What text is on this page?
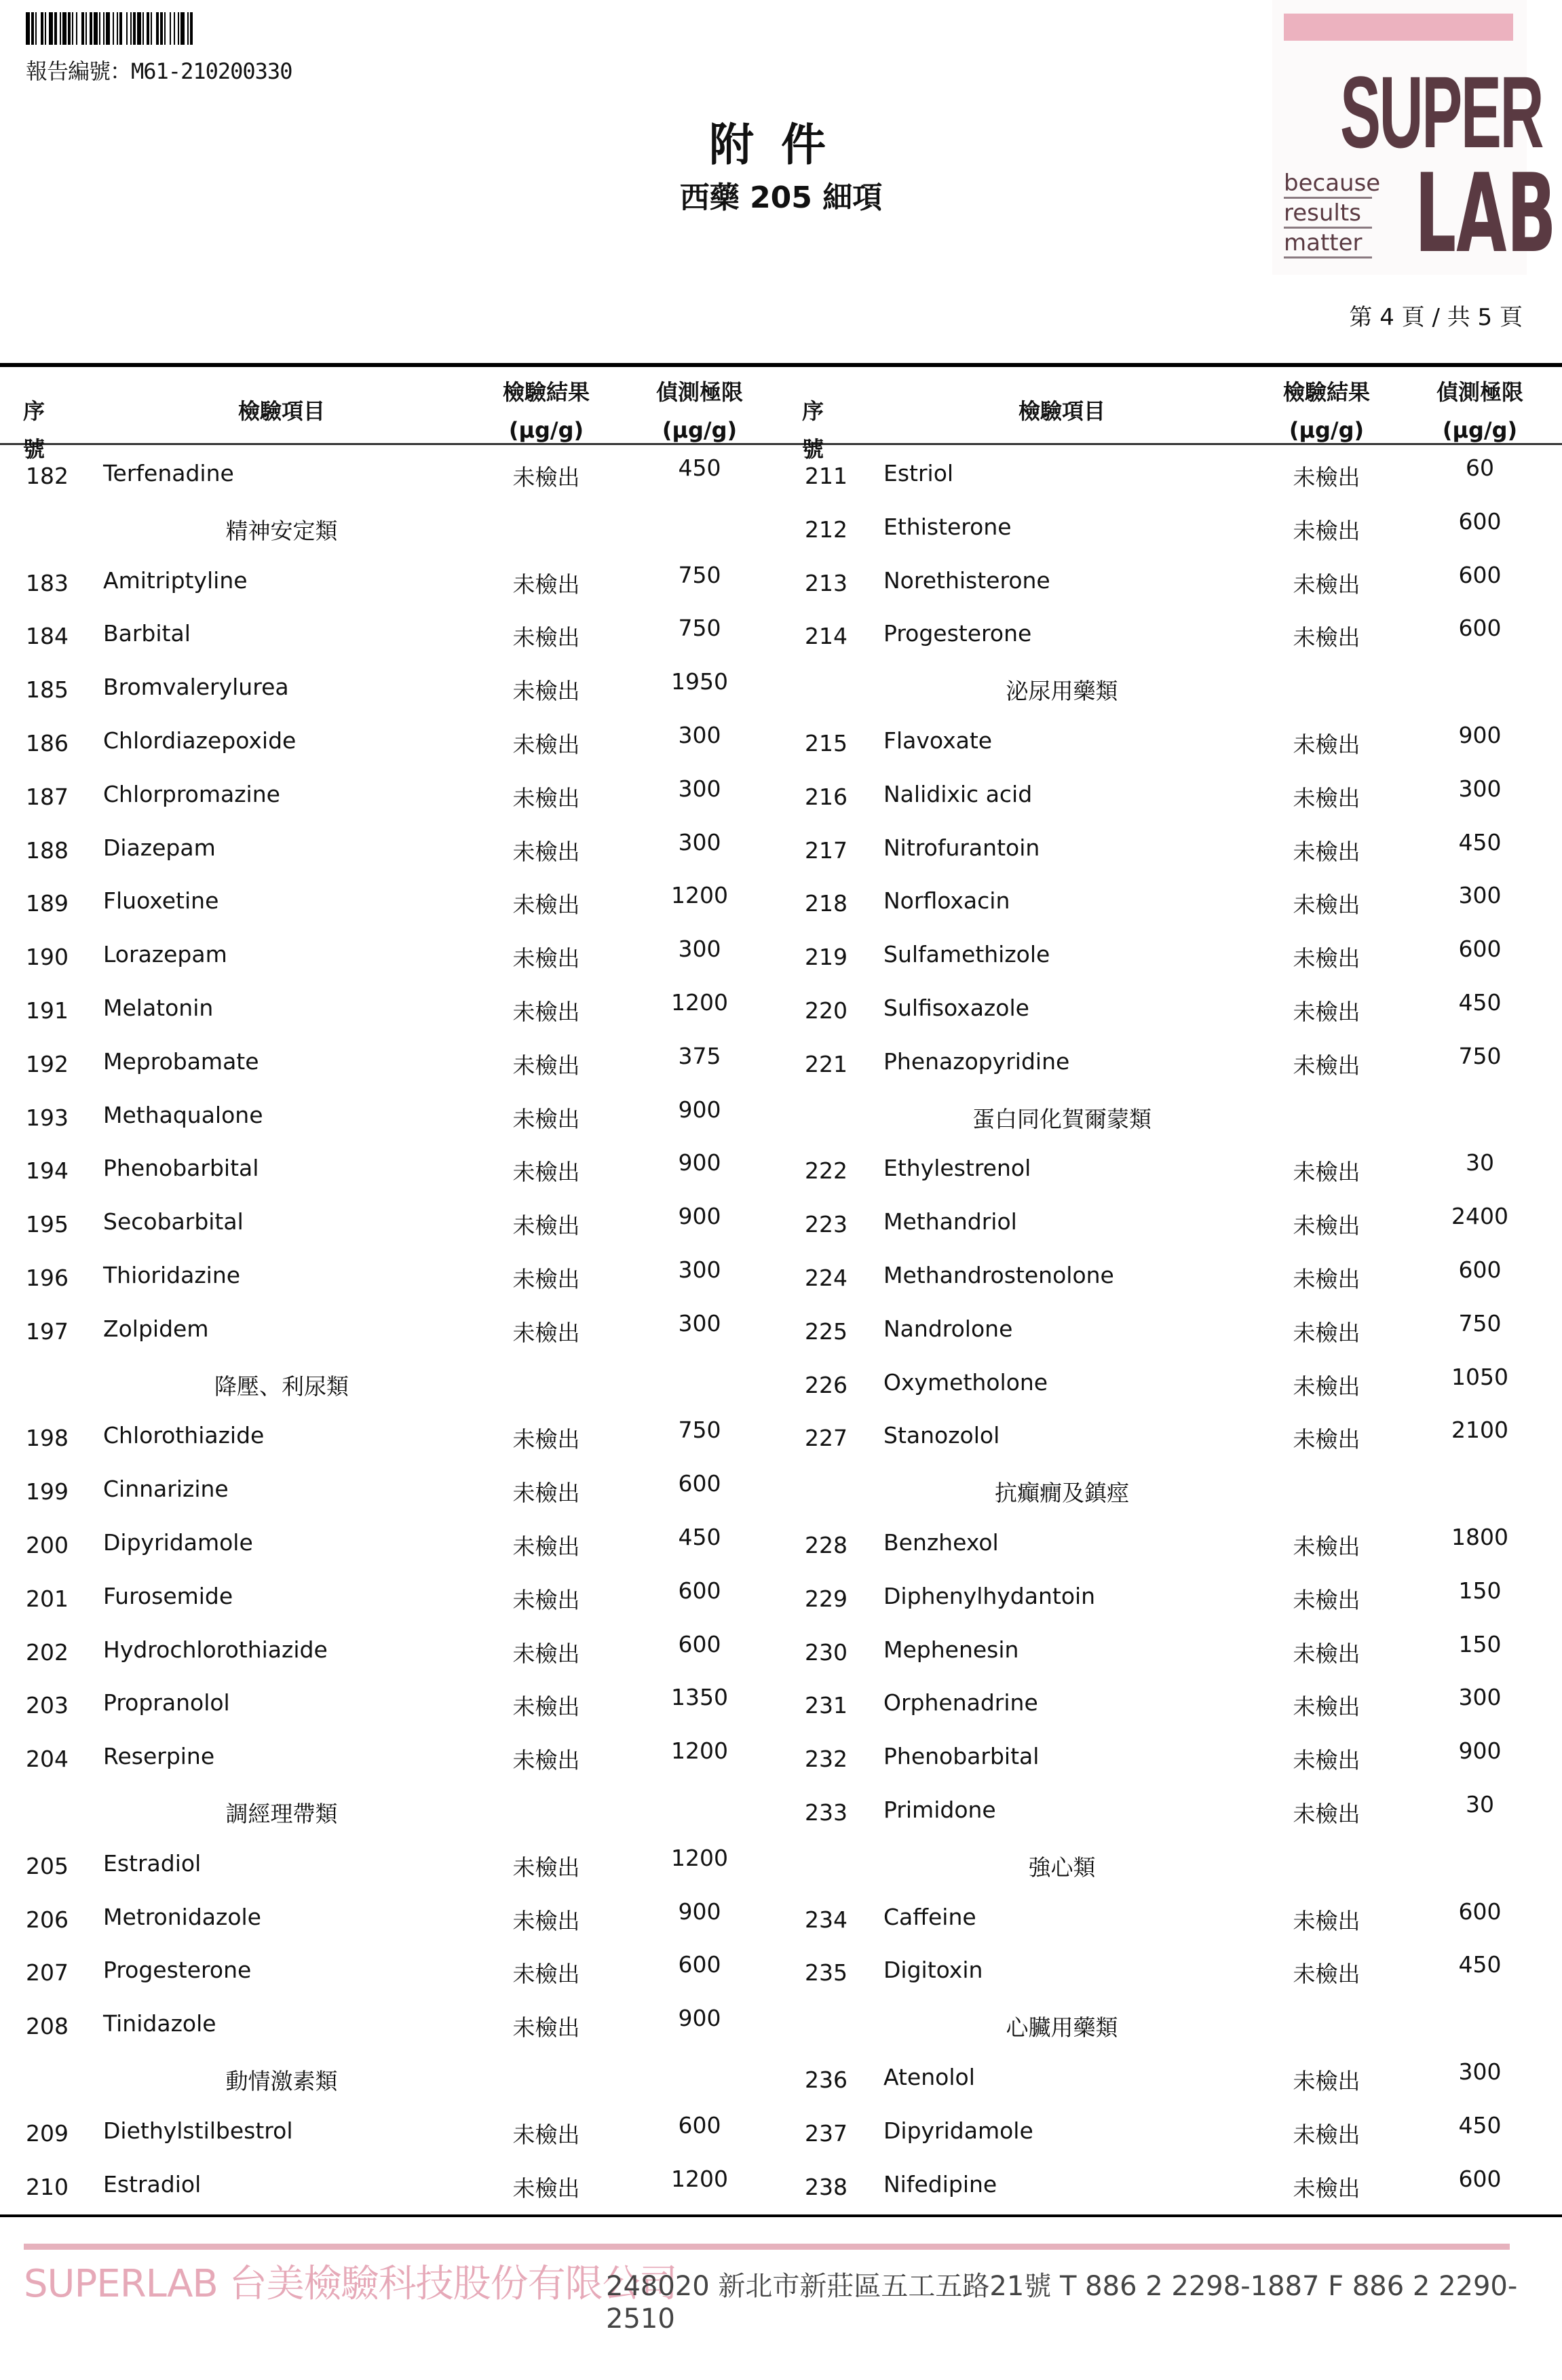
報告編號：M61-210200330
附件
西藥 205 細項
SUPER
because
results
matter LAB
第 4 頁 / 共 5 頁
序號
檢驗項目
檢驗結果
(μg/g)
偵測極限
(μg/g)
序號
檢驗項目
檢驗結果
(μg/g)
偵測極限
(μg/g)
182 Terfenadine	未檢出	450
精神安定類
183 Amitriptyline	未檢出	750
184 Barbital	未檢出	750
185 Bromvalerylurea	未檢出	1950
186 Chlordiazepoxide	未檢出	300
187 Chlorpromazine	未檢出	300
188 Diazepam	未檢出	300
189 Fluoxetine	未檢出	1200
190 Lorazepam	未檢出	300
191 Melatonin	未檢出	1200
192 Meprobamate	未檢出	375
193 Methaqualone	未檢出	900
194 Phenobarbital	未檢出	900
195 Secobarbital	未檢出	900
196 Thioridazine	未檢出	300
197 Zolpidem	未檢出	300
降壓、利尿類
198 Chlorothiazide	未檢出	750
199 Cinnarizine	未檢出	600
200 Dipyridamole	未檢出	450
201 Furosemide	未檢出	600
202 Hydrochlorothiazide	未檢出	600
203 Propranolol	未檢出	1350
204 Reserpine	未檢出	1200
調經理帶類
205 Estradiol	未檢出	1200
206 Metronidazole	未檢出	900
207 Progesterone	未檢出	600
208 Tinidazole	未檢出	900
動情激素類
209 Diethylstilbestrol	未檢出	600
210 Estradiol	未檢出	1200
211 Estriol	未檢出	60
212 Ethisterone	未檢出	600
213 Norethisterone	未檢出	600
214 Progesterone	未檢出	600
泌尿用藥類
215 Flavoxate	未檢出	900
216 Nalidixic acid	未檢出	300
217 Nitrofurantoin	未檢出	450
218 Norfloxacin	未檢出	300
219 Sulfamethizole	未檢出	600
220 Sulfisoxazole	未檢出	450
221 Phenazopyridine	未檢出	750
蛋白同化賀爾蒙類
222 Ethylestrenol	未檢出	30
223 Methandriol	未檢出	2400
224 Methandrostenolone	未檢出	600
225 Nandrolone	未檢出	750
226 Oxymetholone	未檢出	1050
227 Stanozolol	未檢出	2100
抗癲癇及鎮痙
228 Benzhexol	未檢出	1800
229 Diphenylhydantoin	未檢出	150
230 Mephenesin	未檢出	150
231 Orphenadrine	未檢出	300
232 Phenobarbital	未檢出	900
233 Primidone	未檢出	30
強心類
234 Caffeine	未檢出	600
235 Digitoxin	未檢出	450
心臟用藥類
236 Atenolol	未檢出	300
237 Dipyridamole	未檢出	450
238 Nifedipine	未檢出	600
SUPERLAB 台美檢驗科技股份有限公司
248020 新北市新莊區五工五路21號 T 886 2 2298-1887 F 886 2 2290-2510
